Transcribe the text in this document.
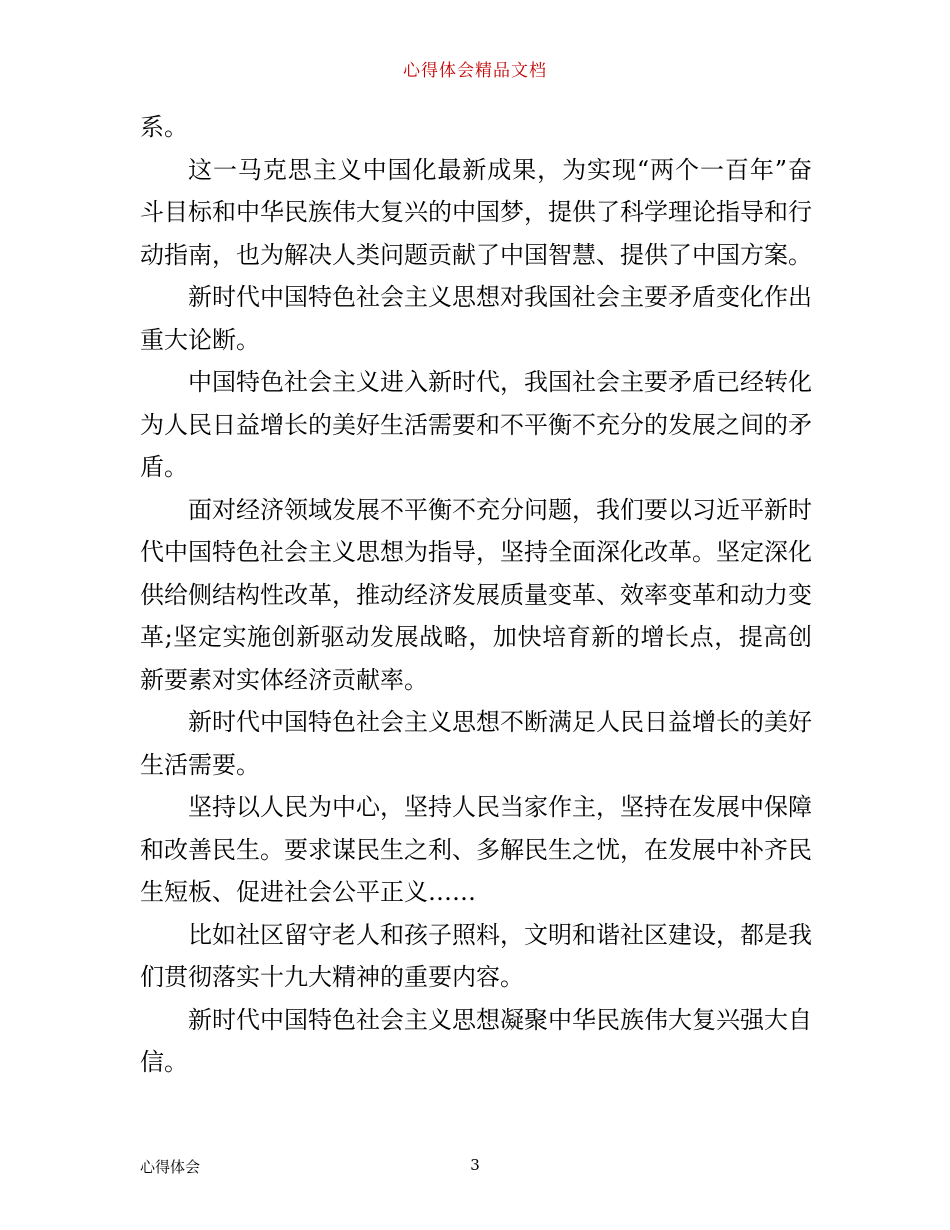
心得体会精品文档

系。

这一马克思主义中国化最新成果，为实现“两个一百年”奋斗目标和中华民族伟大复兴的中国梦，提供了科学理论指导和行动指南，也为解决人类问题贡献了中国智慧、提供了中国方案。

新时代中国特色社会主义思想对我国社会主要矛盾变化作出重大论断。

中国特色社会主义进入新时代，我国社会主要矛盾已经转化为人民日益增长的美好生活需要和不平衡不充分的发展之间的矛盾。

面对经济领域发展不平衡不充分问题，我们要以习近平新时代中国特色社会主义思想为指导，坚持全面深化改革。坚定深化供给侧结构性改革，推动经济发展质量变革、效率变革和动力变革;坚定实施创新驱动发展战略，加快培育新的增长点，提高创新要素对实体经济贡献率。

新时代中国特色社会主义思想不断满足人民日益增长的美好生活需要。

坚持以人民为中心，坚持人民当家作主，坚持在发展中保障和改善民生。要求谋民生之利、多解民生之忧，在发展中补齐民生短板、促进社会公平正义……

比如社区留守老人和孩子照料，文明和谐社区建设，都是我们贯彻落实十九大精神的重要内容。

新时代中国特色社会主义思想凝聚中华民族伟大复兴强大自信。

心得体会	3
